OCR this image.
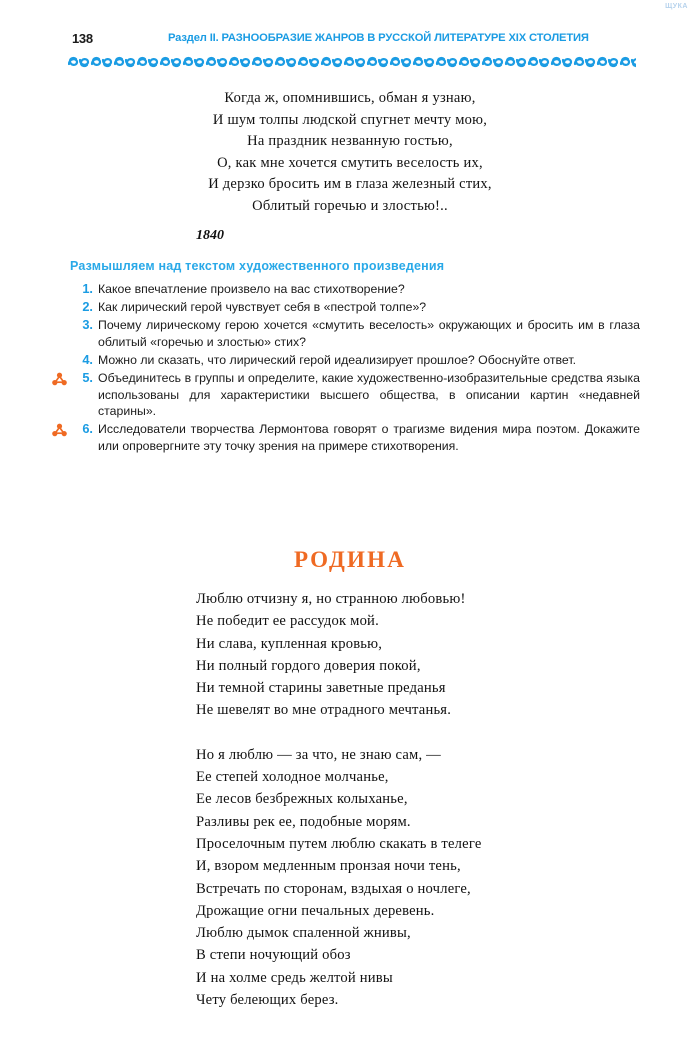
ЩУКА
138	Раздел II. РАЗНООБРАЗИЕ ЖАНРОВ В РУССКОЙ ЛИТЕРАТУРЕ XIX СТОЛЕТИЯ
Когда ж, опомнившись, обман я узнаю,
И шум толпы людской спугнет мечту мою,
На праздник незванную гостью,
О, как мне хочется смутить веселость их,
И дерзко бросить им в глаза железный стих,
Облитый горечью и злостью!..
1840
Размышляем над текстом художественного произведения
1. Какое впечатление произвело на вас стихотворение?
2. Как лирический герой чувствует себя в «пестрой толпе»?
3. Почему лирическому герою хочется «смутить веселость» окружающих и бросить им в глаза облитый «горечью и злостью» стих?
4. Можно ли сказать, что лирический герой идеализирует прошлое? Обоснуйте ответ.
5. Объединитесь в группы и определите, какие художественно-изобразительные средства языка использованы для характеристики высшего общества, в описании картин «недавней старины».
6. Исследователи творчества Лермонтова говорят о трагизме видения мира поэтом. Докажите или опровергните эту точку зрения на примере стихотворения.
РОДИНА
Люблю отчизну я, но странною любовью!
Не победит ее рассудок мой.
Ни слава, купленная кровью,
Ни полный гордого доверия покой,
Ни темной старины заветные преданья
Не шевелят во мне отрадного мечтанья.
Но я люблю — за что, не знаю сам, —
Ее степей холодное молчанье,
Ее лесов безбрежных колыханье,
Разливы рек ее, подобные морям.
Проселочным путем люблю скакать в телеге
И, взором медленным пронзая ночи тень,
Встречать по сторонам, вздыхая о ночлеге,
Дрожащие огни печальных деревень.
Люблю дымок спаленной жнивы,
В степи ночующий обоз
И на холме средь желтой нивы
Чету белеющих берез.
